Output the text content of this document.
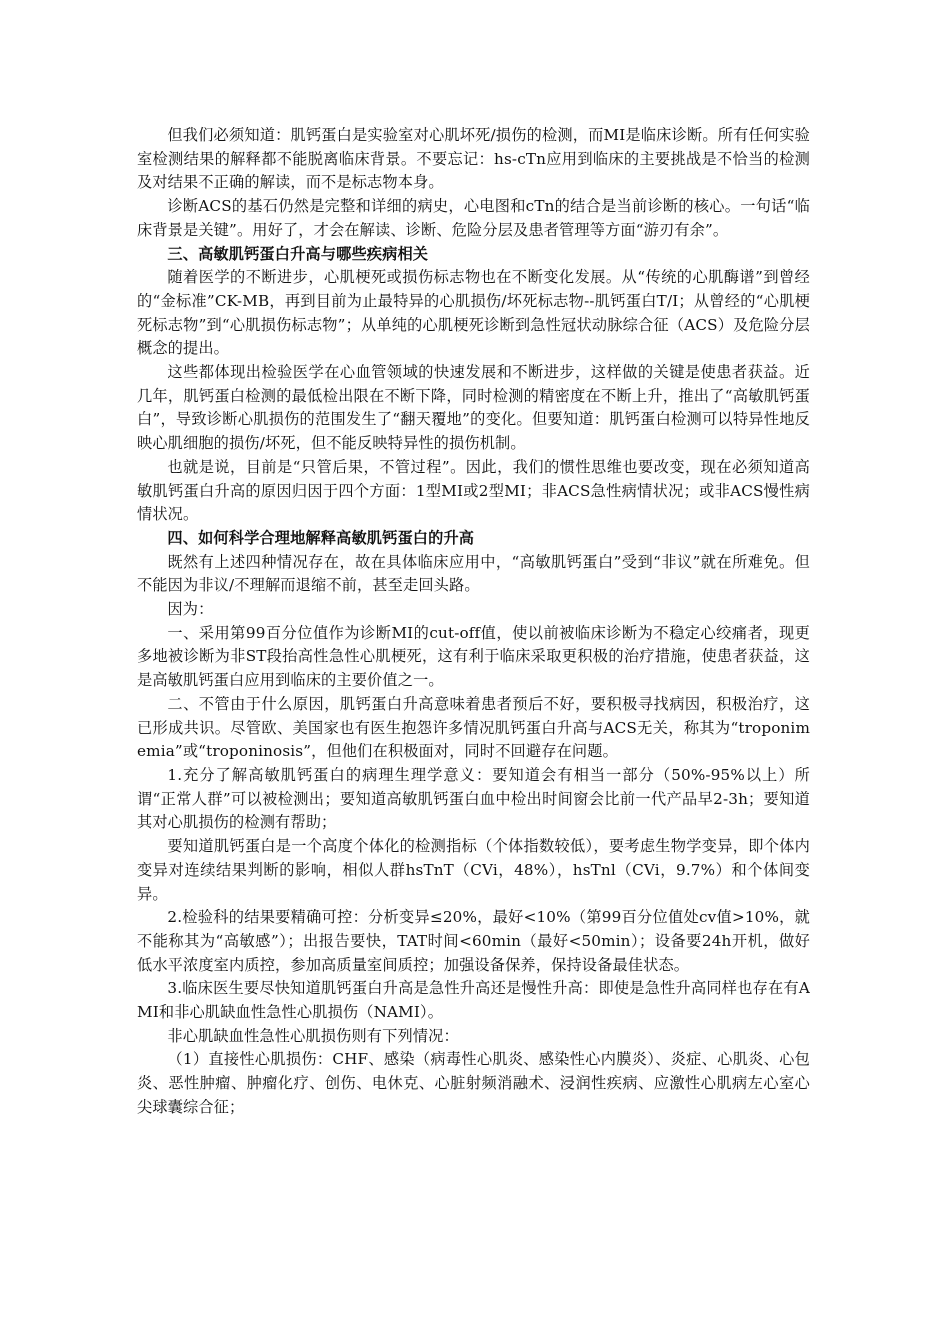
但我们必须知道：肌钙蛋白是实验室对心肌坏死/损伤的检测，而MI是临床诊断。所有任何实验室检测结果的解释都不能脱离临床背景。不要忘记：hs-cTn应用到临床的主要挑战是不恰当的检测及对结果不正确的解读，而不是标志物本身。

诊断ACS的基石仍然是完整和详细的病史，心电图和cTn的结合是当前诊断的核心。一句话“临床背景是关键”。用好了，才会在解读、诊断、危险分层及患者管理等方面“游刃有余”。

三、高敏肌钙蛋白升高与哪些疾病相关

随着医学的不断进步，心肌梗死或损伤标志物也在不断变化发展。从“传统的心肌酶谱”到曾经的“金标准”CK-MB，再到目前为止最特异的心肌损伤/坏死标志物--肌钙蛋白T/I；从曾经的“心肌梗死标志物”到“心肌损伤标志物”；从单纯的心肌梗死诊断到急性冠状动脉综合征（ACS）及危险分层概念的提出。

这些都体现出检验医学在心血管领域的快速发展和不断进步，这样做的关键是使患者获益。近几年，肌钙蛋白检测的最低检出限在不断下降，同时检测的精密度在不断上升，推出了“高敏肌钙蛋白”，导致诊断心肌损伤的范围发生了“翻天覆地”的变化。但要知道：肌钙蛋白检测可以特异性地反映心肌细胞的损伤/坏死，但不能反映特异性的损伤机制。

也就是说，目前是“只管后果，不管过程”。因此，我们的惯性思维也要改变，现在必须知道高敏肌钙蛋白升高的原因归因于四个方面：1型MI或2型MI；非ACS急性病情状况；或非ACS慢性病情状况。

四、如何科学合理地解释高敏肌钙蛋白的升高

既然有上述四种情况存在，故在具体临床应用中，“高敏肌钙蛋白”受到“非议”就在所难免。但不能因为非议/不理解而退缩不前，甚至走回头路。

因为：

一、采用第99百分位值作为诊断MI的cut-off值，使以前被临床诊断为不稳定心绞痛者，现更多地被诊断为非ST段抬高性急性心肌梗死，这有利于临床采取更积极的治疗措施，使患者获益，这是高敏肌钙蛋白应用到临床的主要价值之一。

二、不管由于什么原因，肌钙蛋白升高意味着患者预后不好，要积极寻找病因，积极治疗，这已形成共识。尽管欧、美国家也有医生抱怨许多情况肌钙蛋白升高与ACS无关，称其为“troponimemia”或“troponinosis”，但他们在积极面对，同时不回避存在问题。

1.充分了解高敏肌钙蛋白的病理生理学意义：要知道会有相当一部分（50%-95%以上）所谓“正常人群”可以被检测出；要知道高敏肌钙蛋白血中检出时间窗会比前一代产品早2-3h；要知道其对心肌损伤的检测有帮助；

要知道肌钙蛋白是一个高度个体化的检测指标（个体指数较低），要考虑生物学变异，即个体内变异对连续结果判断的影响，相似人群hsTnT（CVi，48%），hsTnl（CVi，9.7%）和个体间变异。

2.检验科的结果要精确可控：分析变异≤20%，最好<10%（第99百分位值处cv值>10%，就不能称其为“高敏感”）；出报告要快，TAT时间<60min（最好<50min）；设备要24h开机，做好低水平浓度室内质控，参加高质量室间质控；加强设备保养，保持设备最佳状态。

3.临床医生要尽快知道肌钙蛋白升高是急性升高还是慢性升高：即使是急性升高同样也存在有AMI和非心肌缺血性急性心肌损伤（NAMI）。

非心肌缺血性急性心肌损伤则有下列情况：

（1）直接性心肌损伤：CHF、感染（病毒性心肌炎、感染性心内膜炎）、炎症、心肌炎、心包炎、恶性肿瘤、肿瘤化疗、创伤、电休克、心脏射频消融术、浸润性疾病、应激性心肌病左心室心尖球囊综合征；
